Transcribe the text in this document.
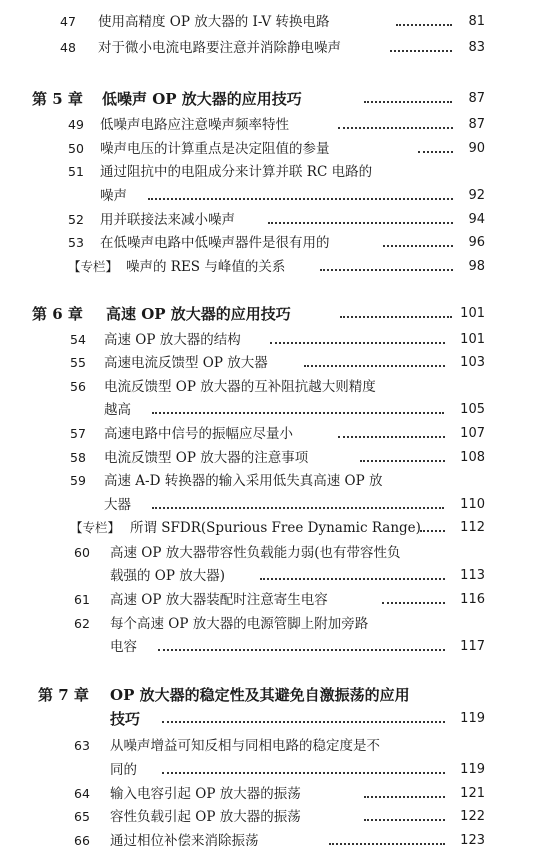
47	使用高精度 OP 放大器的 I-V 转换电路	81
48	对于微小电流电路要注意并消除静电噪声	83
第 5 章 低噪声 OP 放大器的应用技巧	87
49	低噪声电路应注意噪声频率特性	87
50	噪声电压的计算重点是决定阻值的参量	90
51	通过阻抗中的电阻成分来计算并联 RC 电路的
噪声	92
52	用并联接法来减小噪声	94
53	在低噪声电路中低噪声器件是很有用的	96
【专栏】 噪声的 RES 与峰值的关系	98
第 6 章 高速 OP 放大器的应用技巧	101
54	高速 OP 放大器的结构	101
55	高速电流反馈型 OP 放大器	103
56	电流反馈型 OP 放大器的互补阻抗越大则精度
越高	105
57	高速电路中信号的振幅应尽量小	107
58	电流反馈型 OP 放大器的注意事项	108
59	高速 A-D 转换器的输入采用低失真高速 OP 放
大器	110
【专栏】 所谓 SFDR(Spurious Free Dynamic Range)	112
60	高速 OP 放大器带容性负载能力弱(也有带容性负
载强的 OP 放大器)	113
61	高速 OP 放大器装配时注意寄生电容	116
62	每个高速 OP 放大器的电源管脚上附加旁路
电容	117
第 7 章 OP 放大器的稳定性及其避免自激振荡的应用
技巧	119
63	从噪声增益可知反相与同相电路的稳定度是不
同的	119
64	输入电容引起 OP 放大器的振荡	121
65	容性负载引起 OP 放大器的振荡	122
66	通过相位补偿来消除振荡	123
